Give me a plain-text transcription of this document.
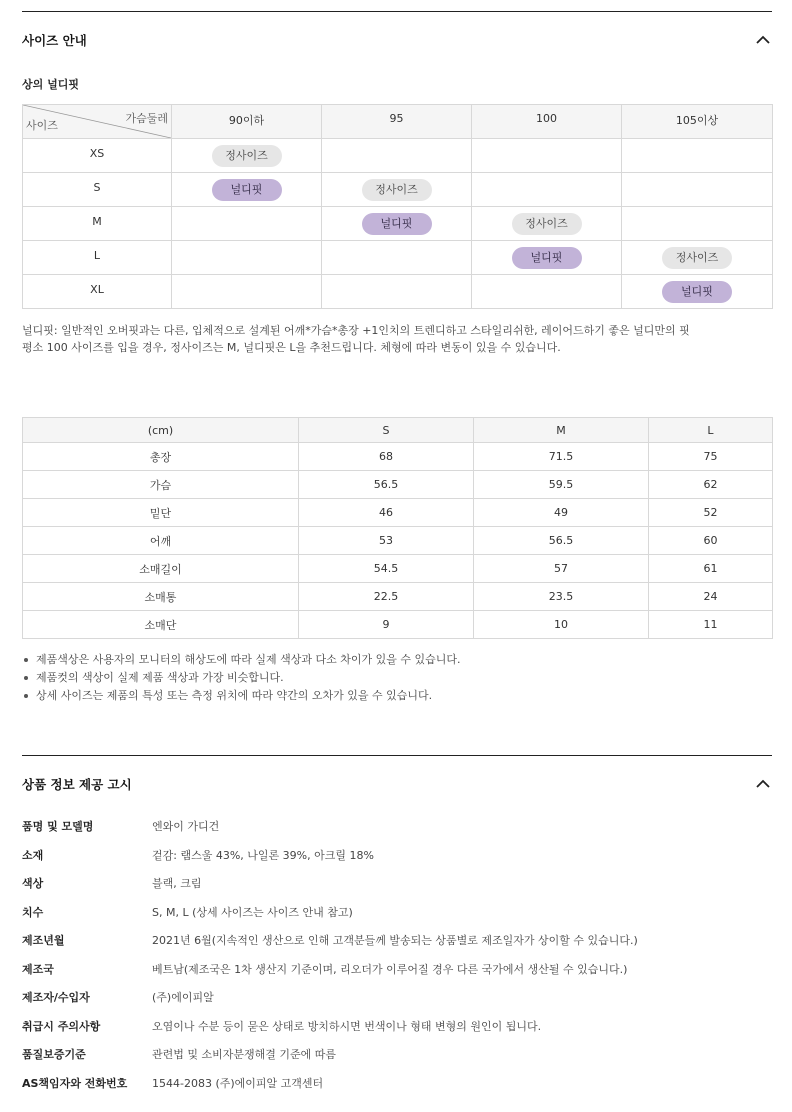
사이즈 안내
상의 널디핏
가슴둘레
사이즈	90이하	95	100	105이상
XS	정사이즈			
S	널디핏	정사이즈		
M		널디핏	정사이즈	
L			널디핏	정사이즈
XL				널디핏
널디핏: 일반적인 오버핏과는 다른, 입체적으로 설계된 어깨*가슴*총장 +1인치의 트렌디하고 스타일리쉬한, 레이어드하기 좋은 널디만의 핏
평소 100 사이즈를 입을 경우, 정사이즈는 M, 널디핏은 L을 추천드립니다. 체형에 따라 변동이 있을 수 있습니다.
(cm)	S	M	L
총장	68	71.5	75
가슴	56.5	59.5	62
밑단	46	49	52
어깨	53	56.5	60
소매길이	54.5	57	61
소매통	22.5	23.5	24
소매단	9	10	11
제품색상은 사용자의 모니터의 해상도에 따라 실제 색상과 다소 차이가 있을 수 있습니다.
제품컷의 색상이 실제 제품 색상과 가장 비슷합니다.
상세 사이즈는 제품의 특성 또는 측정 위치에 따라 약간의 오차가 있을 수 있습니다.
상품 정보 제공 고시
품명 및 모델명	엔와이 가디건
소재	겉감: 램스울 43%, 나일론 39%, 아크릴 18%
색상	블랙, 크림
치수	S, M, L (상세 사이즈는 사이즈 안내 참고)
제조년월	2021년 6월(지속적인 생산으로 인해 고객분들께 발송되는 상품별로 제조일자가 상이할 수 있습니다.)
제조국	베트남(제조국은 1차 생산지 기준이며, 리오더가 이루어질 경우 다른 국가에서 생산될 수 있습니다.)
제조자/수입자	(주)에이피알
취급시 주의사항	오염이나 수분 등이 묻은 상태로 방치하시면 번색이나 형태 변형의 원인이 됩니다.
품질보증기준	관련법 및 소비자분쟁해결 기준에 따름
AS책임자와 전화번호	1544-2083 (주)에이피알 고객센터
